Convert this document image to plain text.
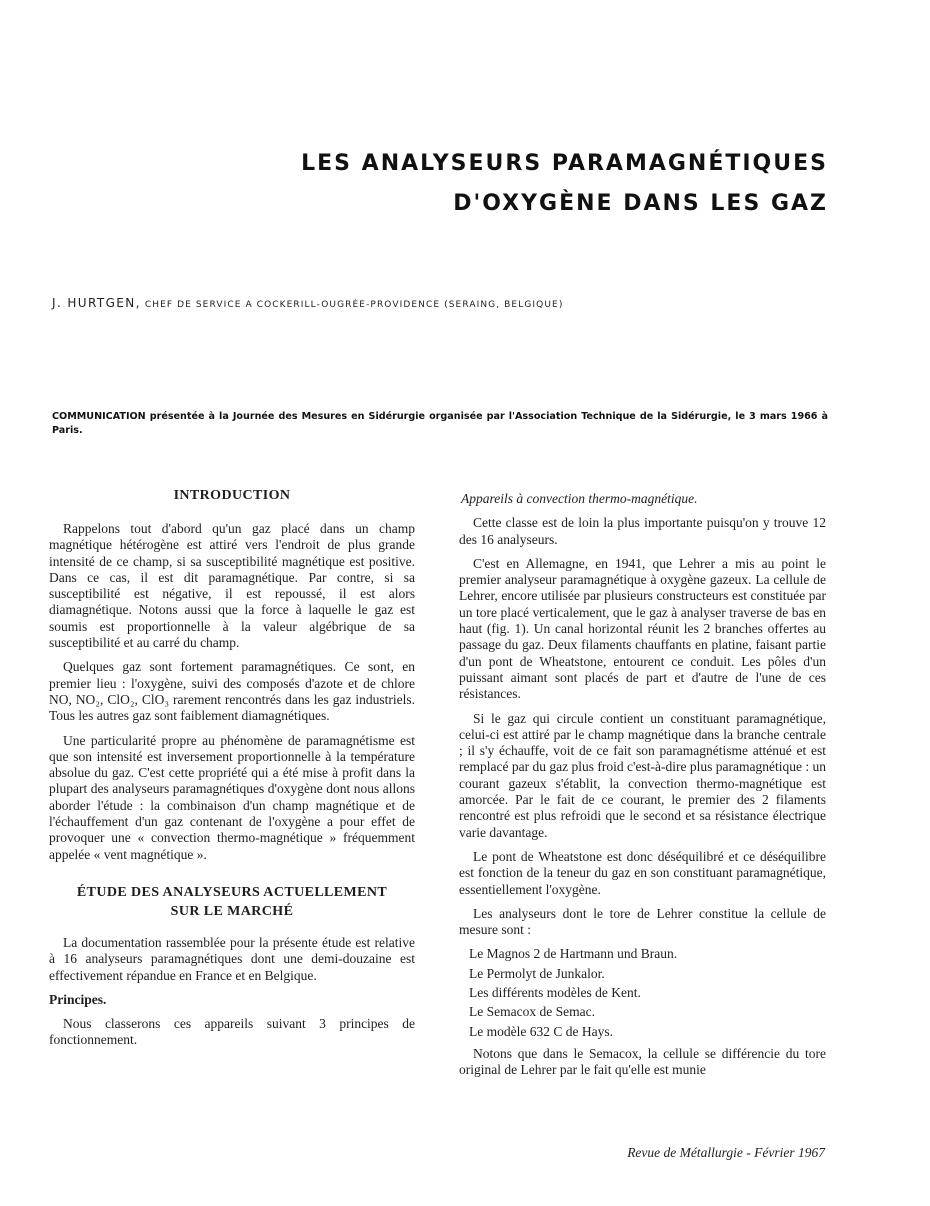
LES ANALYSEURS PARAMAGNÉTIQUES
D'OXYGÈNE DANS LES GAZ
J. HURTGEN, CHEF DE SERVICE A COCKERILL-OUGRÉE-PROVIDENCE (SERAING, BELGIQUE)
COMMUNICATION présentée à la Journée des Mesures en Sidérurgie organisée par l'Association Technique de la Sidérurgie, le 3 mars 1966 à Paris.
INTRODUCTION

Rappelons tout d'abord qu'un gaz placé dans un champ magnétique hétérogène est attiré vers l'endroit de plus grande intensité de ce champ, si sa susceptibilité magnétique est positive. Dans ce cas, il est dit paramagnétique. Par contre, si sa susceptibilité est négative, il est repoussé, il est alors diamagnétique. Notons aussi que la force à laquelle le gaz est soumis est proportionnelle à la valeur algébrique de sa susceptibilité et au carré du champ.

Quelques gaz sont fortement paramagnétiques. Ce sont, en premier lieu : l'oxygène, suivi des composés d'azote et de chlore NO, NO₂, ClO₂, ClO₃ rarement rencontrés dans les gaz industriels. Tous les autres gaz sont faiblement diamagnétiques.

Une particularité propre au phénomène de paramagnétisme est que son intensité est inversement proportionnelle à la température absolue du gaz. C'est cette propriété qui a été mise à profit dans la plupart des analyseurs paramagnétiques d'oxygène dont nous allons aborder l'étude : la combinaison d'un champ magnétique et de l'échauffement d'un gaz contenant de l'oxygène a pour effet de provoquer une « convection thermo-magnétique » fréquemment appelée « vent magnétique ».

ÉTUDE DES ANALYSEURS ACTUELLEMENT
SUR LE MARCHÉ

La documentation rassemblée pour la présente étude est relative à 16 analyseurs paramagnétiques dont une demi-douzaine est effectivement répandue en France et en Belgique.

Principes.

Nous classerons ces appareils suivant 3 principes de fonctionnement.

Appareils à convection thermo-magnétique.

Cette classe est de loin la plus importante puisqu'on y trouve 12 des 16 analyseurs.

C'est en Allemagne, en 1941, que Lehrer a mis au point le premier analyseur paramagnétique à oxygène gazeux. La cellule de Lehrer, encore utilisée par plusieurs constructeurs est constituée par un tore placé verticalement, que le gaz à analyser traverse de bas en haut (fig. 1). Un canal horizontal réunit les 2 branches offertes au passage du gaz. Deux filaments chauffants en platine, faisant partie d'un pont de Wheatstone, entourent ce conduit. Les pôles d'un puissant aimant sont placés de part et d'autre de l'une de ces résistances.

Si le gaz qui circule contient un constituant paramagnétique, celui-ci est attiré par le champ magnétique dans la branche centrale ; il s'y échauffe, voit de ce fait son paramagnétisme atténué et est remplacé par du gaz plus froid c'est-à-dire plus paramagnétique : un courant gazeux s'établit, la convection thermo-magnétique est amorcée. Par le fait de ce courant, le premier des 2 filaments rencontré est plus refroidi que le second et sa résistance électrique varie davantage.

Le pont de Wheatstone est donc déséquilibré et ce déséquilibre est fonction de la teneur du gaz en son constituant paramagnétique, essentiellement l'oxygène.

Les analyseurs dont le tore de Lehrer constitue la cellule de mesure sont :

Le Magnos 2 de Hartmann und Braun.
Le Permolyt de Junkalor.
Les différents modèles de Kent.
Le Semacox de Semac.
Le modèle 632 C de Hays.

Notons que dans le Semacox, la cellule se différencie du tore original de Lehrer par le fait qu'elle est munie

Revue de Métallurgie - Février 1967
